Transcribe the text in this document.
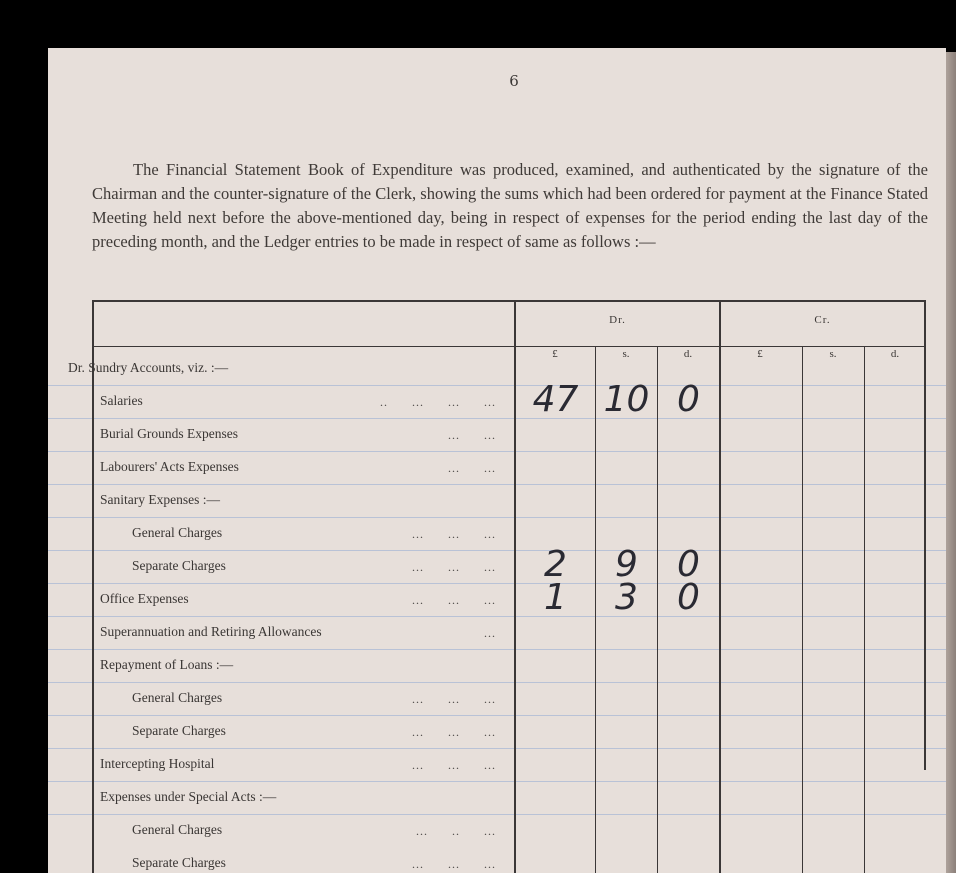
6

The Financial Statement Book of Expenditure was produced, examined, and authenticated by the signature of the Chairman and the counter-signature of the Clerk, showing the sums which had been ordered for payment at the Finance Stated Meeting held next before the above-mentioned day, being in respect of expenses for the period ending the last day of the preceding month, and the Ledger entries to be made in respect of same as follows :—

Dr.	Cr.
£	s.	d.	£	s.	d.
Dr. Sundry Accounts, viz. :—
Salaries	..      ...      ...      ...	47 10 0
Burial Grounds Expenses	...      ...
Labourers' Acts Expenses	...      ...
Sanitary Expenses :—
General Charges	...      ...      ...
Separate Charges	...      ...      ...	2	9	0
Office Expenses	...      ...      ...	1	3	0
Superannuation and Retiring Allowances	...
Repayment of Loans :—
General Charges	...      ...      ...
Separate Charges	...      ...      ...
Intercepting Hospital	...      ...      ...
Expenses under Special Acts :—
General Charges	...      ..      ...
Separate Charges	...      ...      ...
